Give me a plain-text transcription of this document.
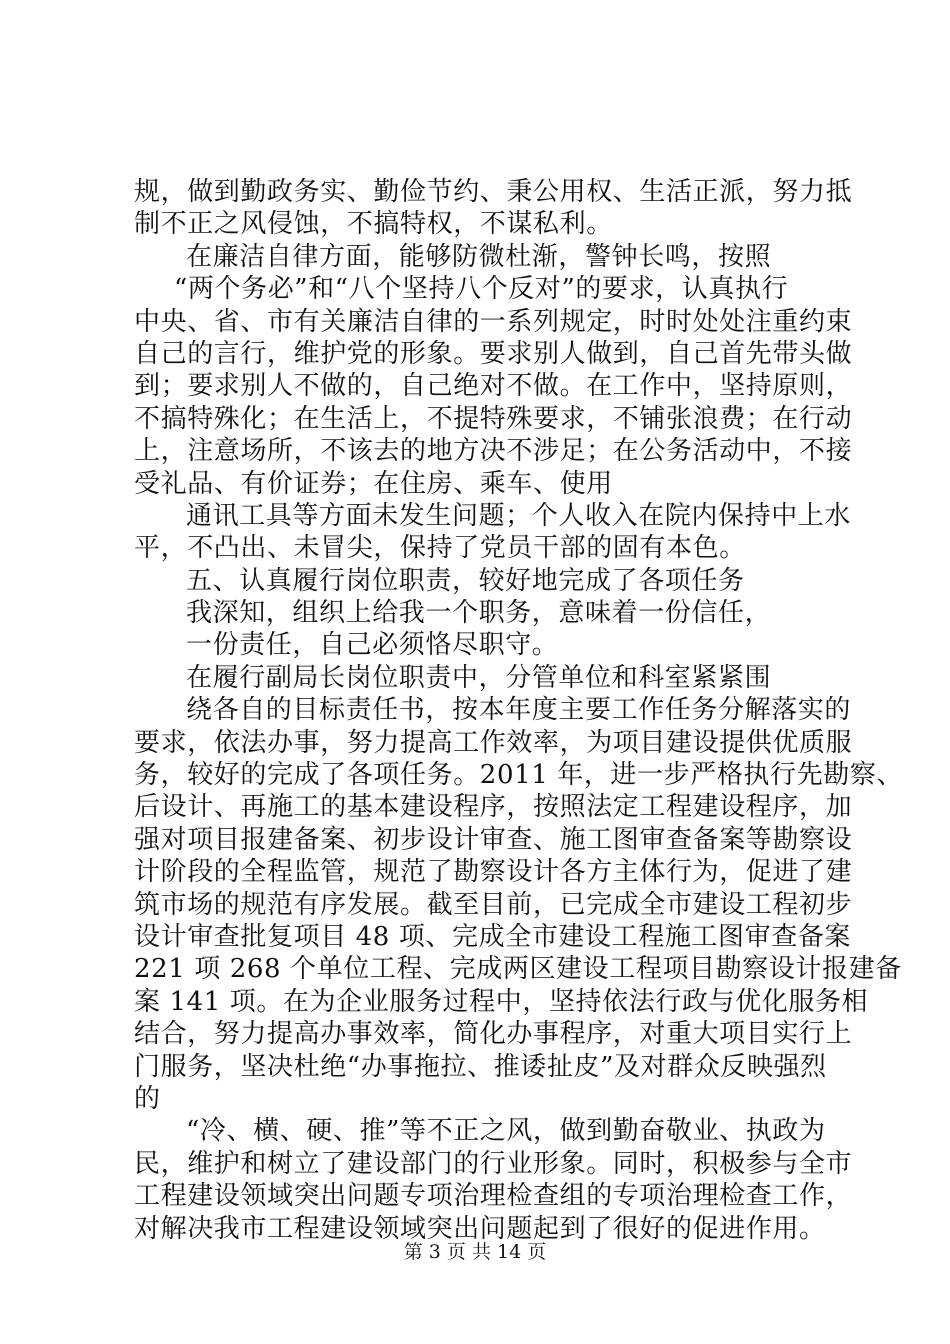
规，做到勤政务实、勤俭节约、秉公用权、生活正派，努力抵
制不正之风侵蚀，不搞特权，不谋私利。
在廉洁自律方面，能够防微杜渐，警钟长鸣，按照
“两个务必”和“八个坚持八个反对”的要求，认真执行
中央、省、市有关廉洁自律的一系列规定，时时处处注重约束
自己的言行，维护党的形象。要求别人做到，自己首先带头做
到；要求别人不做的，自己绝对不做。在工作中，坚持原则，
不搞特殊化；在生活上，不提特殊要求，不铺张浪费；在行动
上，注意场所，不该去的地方决不涉足；在公务活动中，不接
受礼品、有价证券；在住房、乘车、使用
通讯工具等方面未发生问题；个人收入在院内保持中上水
平，不凸出、未冒尖，保持了党员干部的固有本色。
五、认真履行岗位职责，较好地完成了各项任务
我深知，组织上给我一个职务，意味着一份信任，
一份责任，自己必须恪尽职守。
在履行副局长岗位职责中，分管单位和科室紧紧围
绕各自的目标责任书，按本年度主要工作任务分解落实的
要求，依法办事，努力提高工作效率，为项目建设提供优质服
务，较好的完成了各项任务。2011 年，进一步严格执行先勘察、
后设计、再施工的基本建设程序，按照法定工程建设程序，加
强对项目报建备案、初步设计审查、施工图审查备案等勘察设
计阶段的全程监管，规范了勘察设计各方主体行为，促进了建
筑市场的规范有序发展。截至目前，已完成全市建设工程初步
设计审查批复项目 48 项、完成全市建设工程施工图审查备案
221 项 268 个单位工程、完成两区建设工程项目勘察设计报建备
案 141 项。在为企业服务过程中，坚持依法行政与优化服务相
结合，努力提高办事效率，简化办事程序，对重大项目实行上
门服务，坚决杜绝“办事拖拉、推诿扯皮”及对群众反映强烈
的
“冷、横、硬、推”等不正之风，做到勤奋敬业、执政为
民，维护和树立了建设部门的行业形象。同时，积极参与全市
工程建设领域突出问题专项治理检查组的专项治理检查工作，
对解决我市工程建设领域突出问题起到了很好的促进作用。
第 3 页 共 14 页
